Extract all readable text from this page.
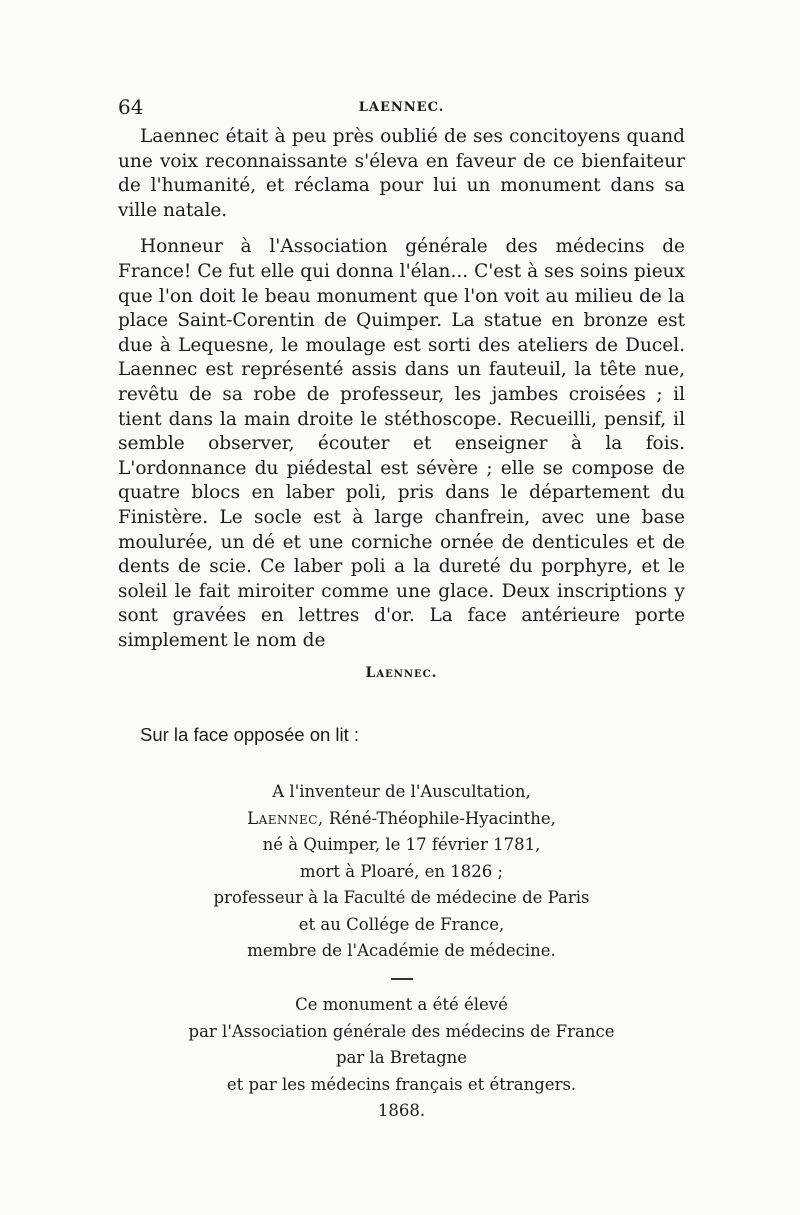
64	LAENNEC.

Laennec était à peu près oublié de ses concitoyens quand une voix reconnaissante s'éleva en faveur de ce bienfaiteur de l'humanité, et réclama pour lui un monument dans sa ville natale.

Honneur à l'Association générale des médecins de France! Ce fut elle qui donna l'élan... C'est à ses soins pieux que l'on doit le beau monument que l'on voit au milieu de la place Saint-Corentin de Quimper. La statue en bronze est due à Lequesne, le moulage est sorti des ateliers de Ducel. Laennec est représenté assis dans un fauteuil, la tête nue, revêtu de sa robe de professeur, les jambes croisées ; il tient dans la main droite le stéthoscope. Recueilli, pensif, il semble observer, écouter et enseigner à la fois. L'ordonnance du piédestal est sévère ; elle se compose de quatre blocs en laber poli, pris dans le département du Finistère. Le socle est à large chanfrein, avec une base moulurée, un dé et une corniche ornée de denticules et de dents de scie. Ce laber poli a la dureté du porphyre, et le soleil le fait miroiter comme une glace. Deux inscriptions y sont gravées en lettres d'or. La face antérieure porte simplement le nom de

Laennec.
Sur la face opposée on lit :
A l'inventeur de l'Auscultation,
Laennec, Réné-Théophile-Hyacinthe,
né à Quimper, le 17 février 1781,
mort à Ploaré, en 1826 ;
professeur à la Faculté de médecine de Paris
et au Collége de France,
membre de l'Académie de médecine.
Ce monument a été élevé
par l'Association générale des médecins de France
par la Bretagne
et par les médecins français et étrangers.
1868.
